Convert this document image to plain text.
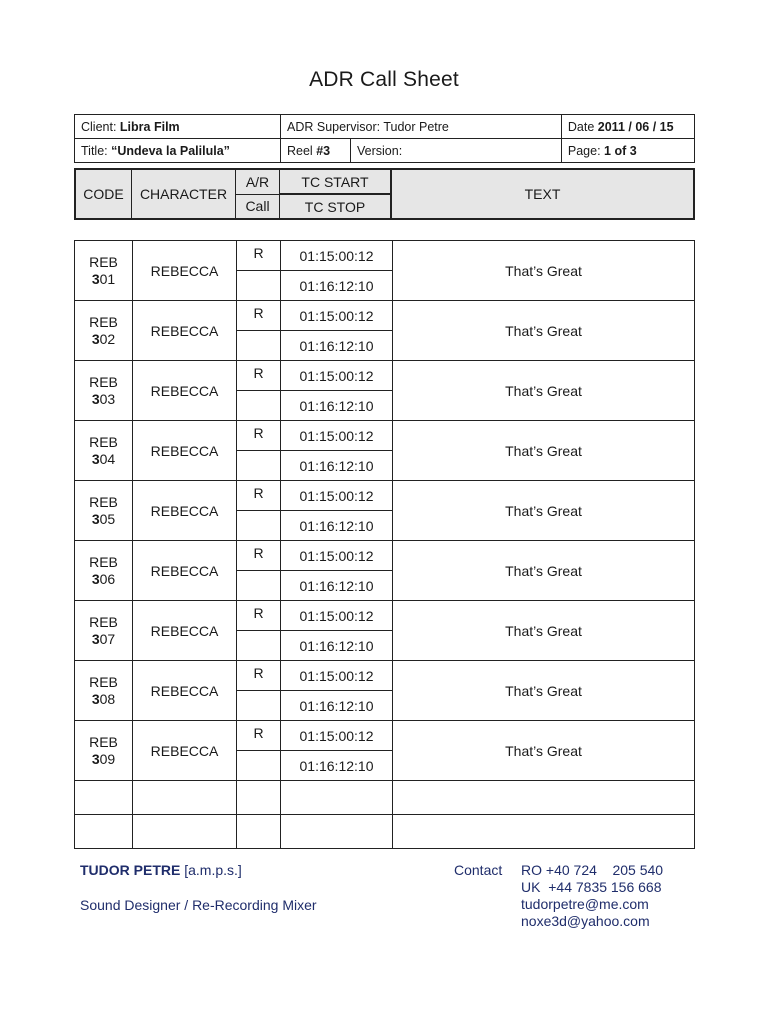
ADR Call Sheet
Client: Libra Film	ADR Supervisor: Tudor Petre		Date 2011 / 06 / 15
Title: “Undeva la Palilula”	Reel #3	Version:	Page: 1 of 3
CODE	CHARACTER	A/R	TC START	TEXT
		Call	TC STOP	
REB
301	REBECCA	R	01:15:00:12	That’s Great
			01:16:12:10	

REB
302	REBECCA	R	01:15:00:12	That’s Great
			01:16:12:10	

REB
303	REBECCA	R	01:15:00:12	That’s Great
			01:16:12:10	

REB
304	REBECCA	R	01:15:00:12	That’s Great
			01:16:12:10	

REB
305	REBECCA	R	01:15:00:12	That’s Great
			01:16:12:10	

REB
306	REBECCA	R	01:15:00:12	That’s Great
			01:16:12:10	

REB
307	REBECCA	R	01:15:00:12	That’s Great
			01:16:12:10	

REB
308	REBECCA	R	01:15:00:12	That’s Great
			01:16:12:10	

REB
309	REBECCA	R	01:15:00:12	That’s Great
			01:16:12:10	

TUDOR PETRE [a.m.p.s.]
Sound Designer / Re-Recording Mixer
Contact RO +40 724    205 540
UK  +44 7835 156 668
tudorpetre@me.com
noxe3d@yahoo.com
